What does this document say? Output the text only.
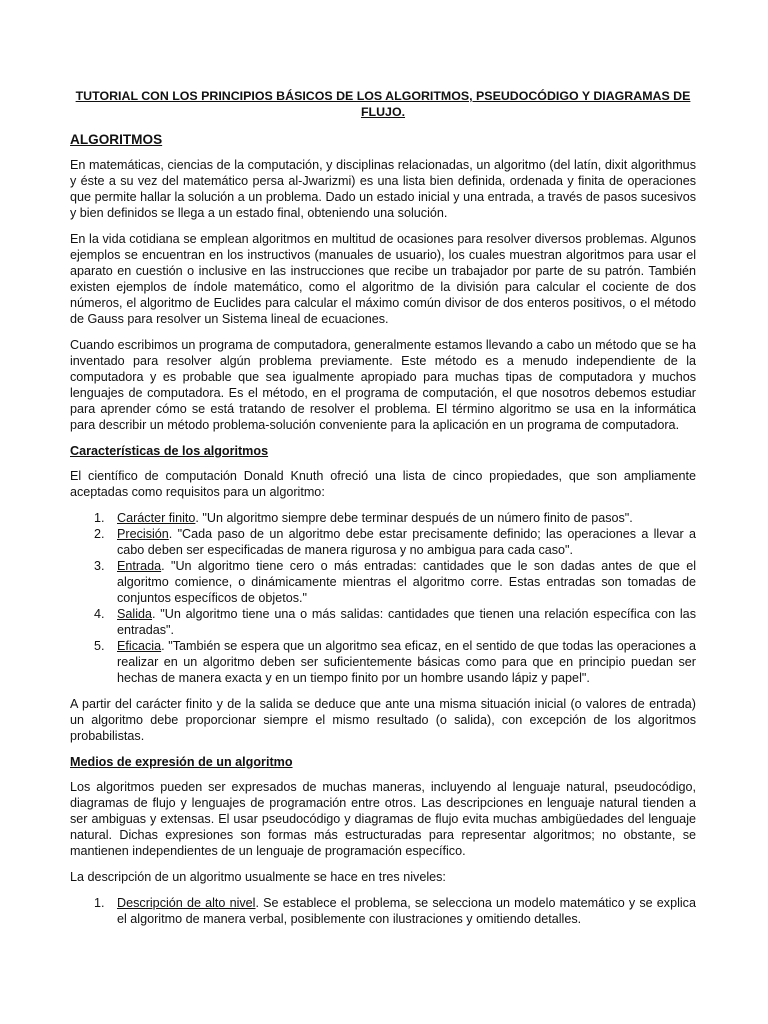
TUTORIAL CON LOS PRINCIPIOS BÁSICOS DE LOS ALGORITMOS, PSEUDOCÓDIGO Y DIAGRAMAS DE FLUJO.
ALGORITMOS

En matemáticas, ciencias de la computación, y disciplinas relacionadas, un algoritmo (del latín, dixit algorithmus y éste a su vez del matemático persa al-Jwarizmi) es una lista bien definida, ordenada y finita de operaciones que permite hallar la solución a un problema. Dado un estado inicial y una entrada, a través de pasos sucesivos y bien definidos se llega a un estado final, obteniendo una solución.

En la vida cotidiana se emplean algoritmos en multitud de ocasiones para resolver diversos problemas. Algunos ejemplos se encuentran en los instructivos (manuales de usuario), los cuales muestran algoritmos para usar el aparato en cuestión o inclusive en las instrucciones que recibe un trabajador por parte de su patrón. También existen ejemplos de índole matemático, como el algoritmo de la división para calcular el cociente de dos números, el algoritmo de Euclides para calcular el máximo común divisor de dos enteros positivos, o el método de Gauss para resolver un Sistema lineal de ecuaciones.

Cuando escribimos un programa de computadora, generalmente estamos llevando a cabo un método que se ha inventado para resolver algún problema previamente. Este método es a menudo independiente de la computadora y es probable que sea igualmente apropiado para muchas tipas de computadora y muchos lenguajes de computadora. Es el método, en el programa de computación, el que nosotros debemos estudiar para aprender cómo se está tratando de resolver el problema. El término algoritmo se usa en la informática para describir un método problema-solución conveniente para la aplicación en un programa de computadora.

Características de los algoritmos

El científico de computación Donald Knuth ofreció una lista de cinco propiedades, que son ampliamente aceptadas como requisitos para un algoritmo:

1. Carácter finito. "Un algoritmo siempre debe terminar después de un número finito de pasos".
2. Precisión. "Cada paso de un algoritmo debe estar precisamente definido; las operaciones a llevar a cabo deben ser especificadas de manera rigurosa y no ambigua para cada caso".
3. Entrada. "Un algoritmo tiene cero o más entradas: cantidades que le son dadas antes de que el algoritmo comience, o dinámicamente mientras el algoritmo corre. Estas entradas son tomadas de conjuntos específicos de objetos."
4. Salida. "Un algoritmo tiene una o más salidas: cantidades que tienen una relación específica con las entradas".
5. Eficacia. "También se espera que un algoritmo sea eficaz, en el sentido de que todas las operaciones a realizar en un algoritmo deben ser suficientemente básicas como para que en principio puedan ser hechas de manera exacta y en un tiempo finito por un hombre usando lápiz y papel".

A partir del carácter finito y de la salida se deduce que ante una misma situación inicial (o valores de entrada) un algoritmo debe proporcionar siempre el mismo resultado (o salida), con excepción de los algoritmos probabilistas.

Medios de expresión de un algoritmo

Los algoritmos pueden ser expresados de muchas maneras, incluyendo al lenguaje natural, pseudocódigo, diagramas de flujo y lenguajes de programación entre otros. Las descripciones en lenguaje natural tienden a ser ambiguas y extensas. El usar pseudocódigo y diagramas de flujo evita muchas ambigüedades del lenguaje natural. Dichas expresiones son formas más estructuradas para representar algoritmos; no obstante, se mantienen independientes de un lenguaje de programación específico.

La descripción de un algoritmo usualmente se hace en tres niveles:

1. Descripción de alto nivel. Se establece el problema, se selecciona un modelo matemático y se explica el algoritmo de manera verbal, posiblemente con ilustraciones y omitiendo detalles.
